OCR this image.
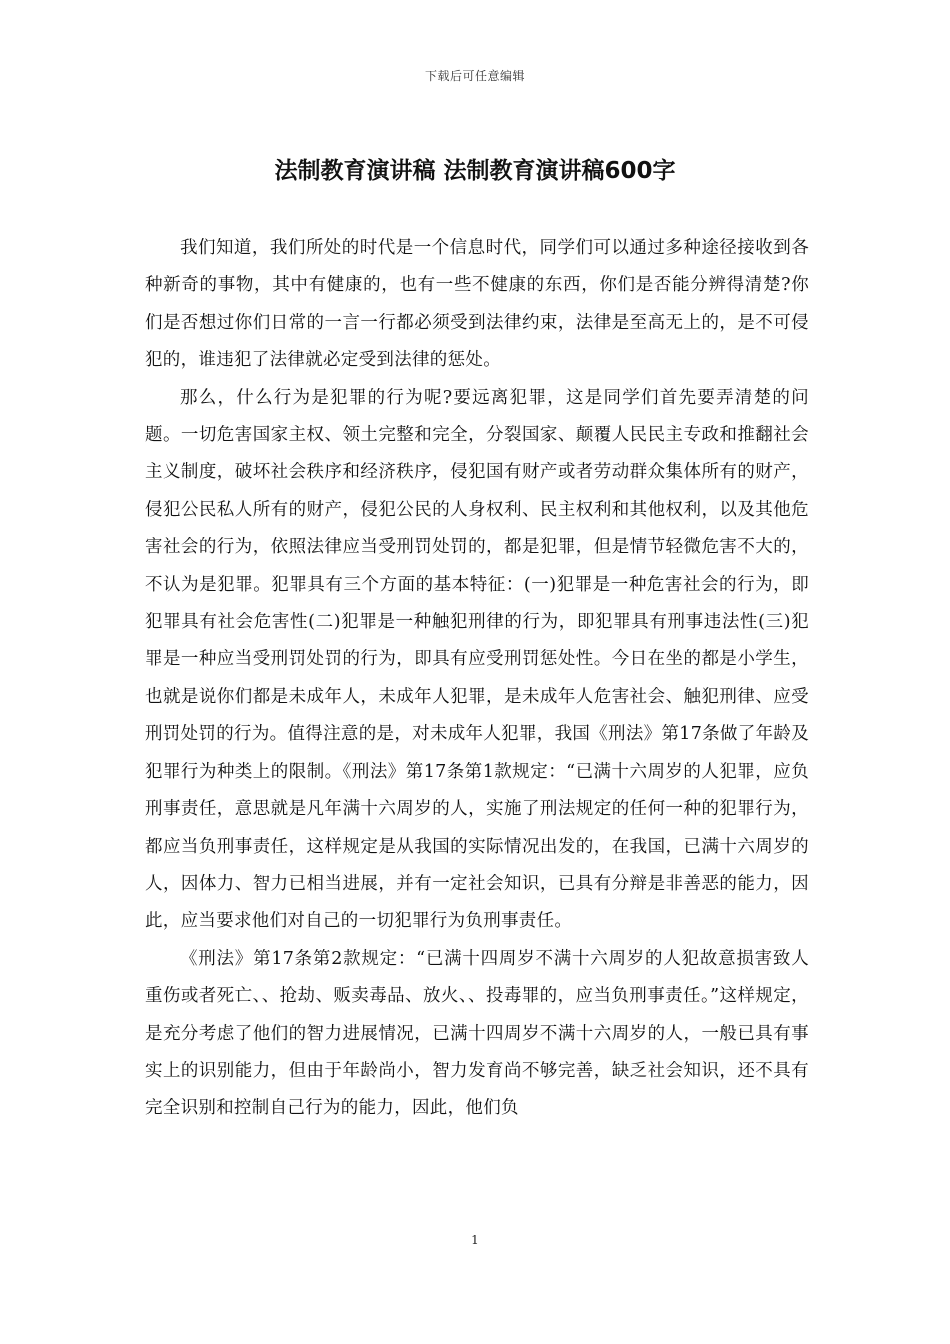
下载后可任意编辑
法制教育演讲稿 法制教育演讲稿600字

我们知道，我们所处的时代是一个信息时代，同学们可以通过多种途径接收到各种新奇的事物，其中有健康的，也有一些不健康的东西，你们是否能分辨得清楚?你们是否想过你们日常的一言一行都必须受到法律约束，法律是至高无上的，是不可侵犯的，谁违犯了法律就必定受到法律的惩处。

那么，什么行为是犯罪的行为呢?要远离犯罪，这是同学们首先要弄清楚的问题。一切危害国家主权、领土完整和完全，分裂国家、颠覆人民民主专政和推翻社会主义制度，破坏社会秩序和经济秩序，侵犯国有财产或者劳动群众集体所有的财产，侵犯公民私人所有的财产，侵犯公民的人身权利、民主权利和其他权利，以及其他危害社会的行为，依照法律应当受刑罚处罚的，都是犯罪，但是情节轻微危害不大的，不认为是犯罪。犯罪具有三个方面的基本特征：(一)犯罪是一种危害社会的行为，即犯罪具有社会危害性(二)犯罪是一种触犯刑律的行为，即犯罪具有刑事违法性(三)犯罪是一种应当受刑罚处罚的行为，即具有应受刑罚惩处性。今日在坐的都是小学生，也就是说你们都是未成年人，未成年人犯罪，是未成年人危害社会、触犯刑律、应受刑罚处罚的行为。值得注意的是，对未成年人犯罪，我国《刑法》第17条做了年龄及犯罪行为种类上的限制。《刑法》第17条第1款规定：“已满十六周岁的人犯罪，应负刑事责任，意思就是凡年满十六周岁的人，实施了刑法规定的任何一种的犯罪行为，都应当负刑事责任，这样规定是从我国的实际情况出发的，在我国，已满十六周岁的人，因体力、智力已相当进展，并有一定社会知识，已具有分辩是非善恶的能力，因此，应当要求他们对自己的一切犯罪行为负刑事责任。

《刑法》第17条第2款规定：“已满十四周岁不满十六周岁的人犯故意损害致人重伤或者死亡、、抢劫、贩卖毒品、放火、、投毒罪的，应当负刑事责任。”这样规定，是充分考虑了他们的智力进展情况，已满十四周岁不满十六周岁的人，一般已具有事实上的识别能力，但由于年龄尚小，智力发育尚不够完善，缺乏社会知识，还不具有完全识别和控制自己行为的能力，因此，他们负

1
